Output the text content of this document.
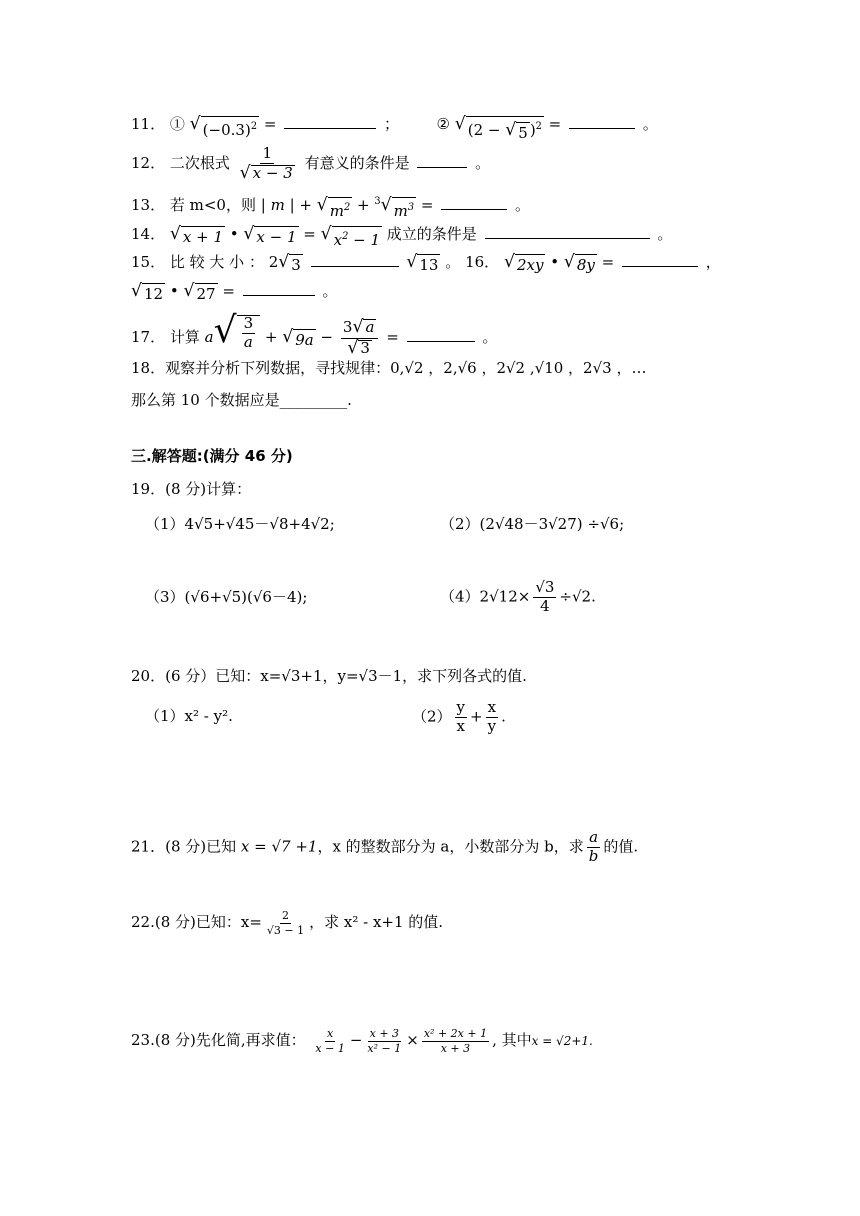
11． ① √ $(-0.3)^2$ =	；	② √ (2 − √ 5 )$^2$ =	。
12． 二次根式 $\frac{1}{√ x - 3}$ 有意义的条件是	。
13． 若 m<0，则 | m | + √ $m^2 + ^3$ √ $m^3$ =	。
14． √ x + 1 • √ x − 1 = √ $x^2 - 1$ 成立的条件是	。
15． 比 较 大 小 ： 2 √ 3
	√ 13 。 16． √ 2xy • √ 8y =	，
√ 12 • √ 27 =	。
17． 计算 a √ $\frac{3}{a}$ + √ $9a - \frac{3 √ a}{√ 3}$ =	。
18．观察并分析下列数据，寻找规律：0,√2 ，2,√6 ，2√2 ,√10 ，2√3 ，…
那么第 10 个数据应是_________.
三.解答题:(满分 46 分)
19．(8 分)计算：
（1）4√5+√45－√8+4√2;	（2）(2√48－3√27) ÷√6;
（3）(√6+√5)(√6－4);	$(4)2√12\times \frac{√3}{4} \div√2$.
20．(6 分）已知：x=√3+1，y=√3－1，求下列各式的值.
（1）x² - y².	$(2) \frac{y}{x} + \frac{x}{y}$ .
21．(8 分)已知 x = √7 +1，x 的整数部分为 a，小数部分为 b，求 $\frac{a}{b}$ 的值.
22.(8 分)已知：$x= \frac{2}{√3 - 1}$ ，求 x² - x+1 的值.
23.(8 分)先化简,再求值： $\frac{x}{x - 1} - \frac{x + 3}{\text{x² − 1}} \times \frac{\text{x² + 2x + 1}}{x + 3}$ , 其中x = √2+1.
